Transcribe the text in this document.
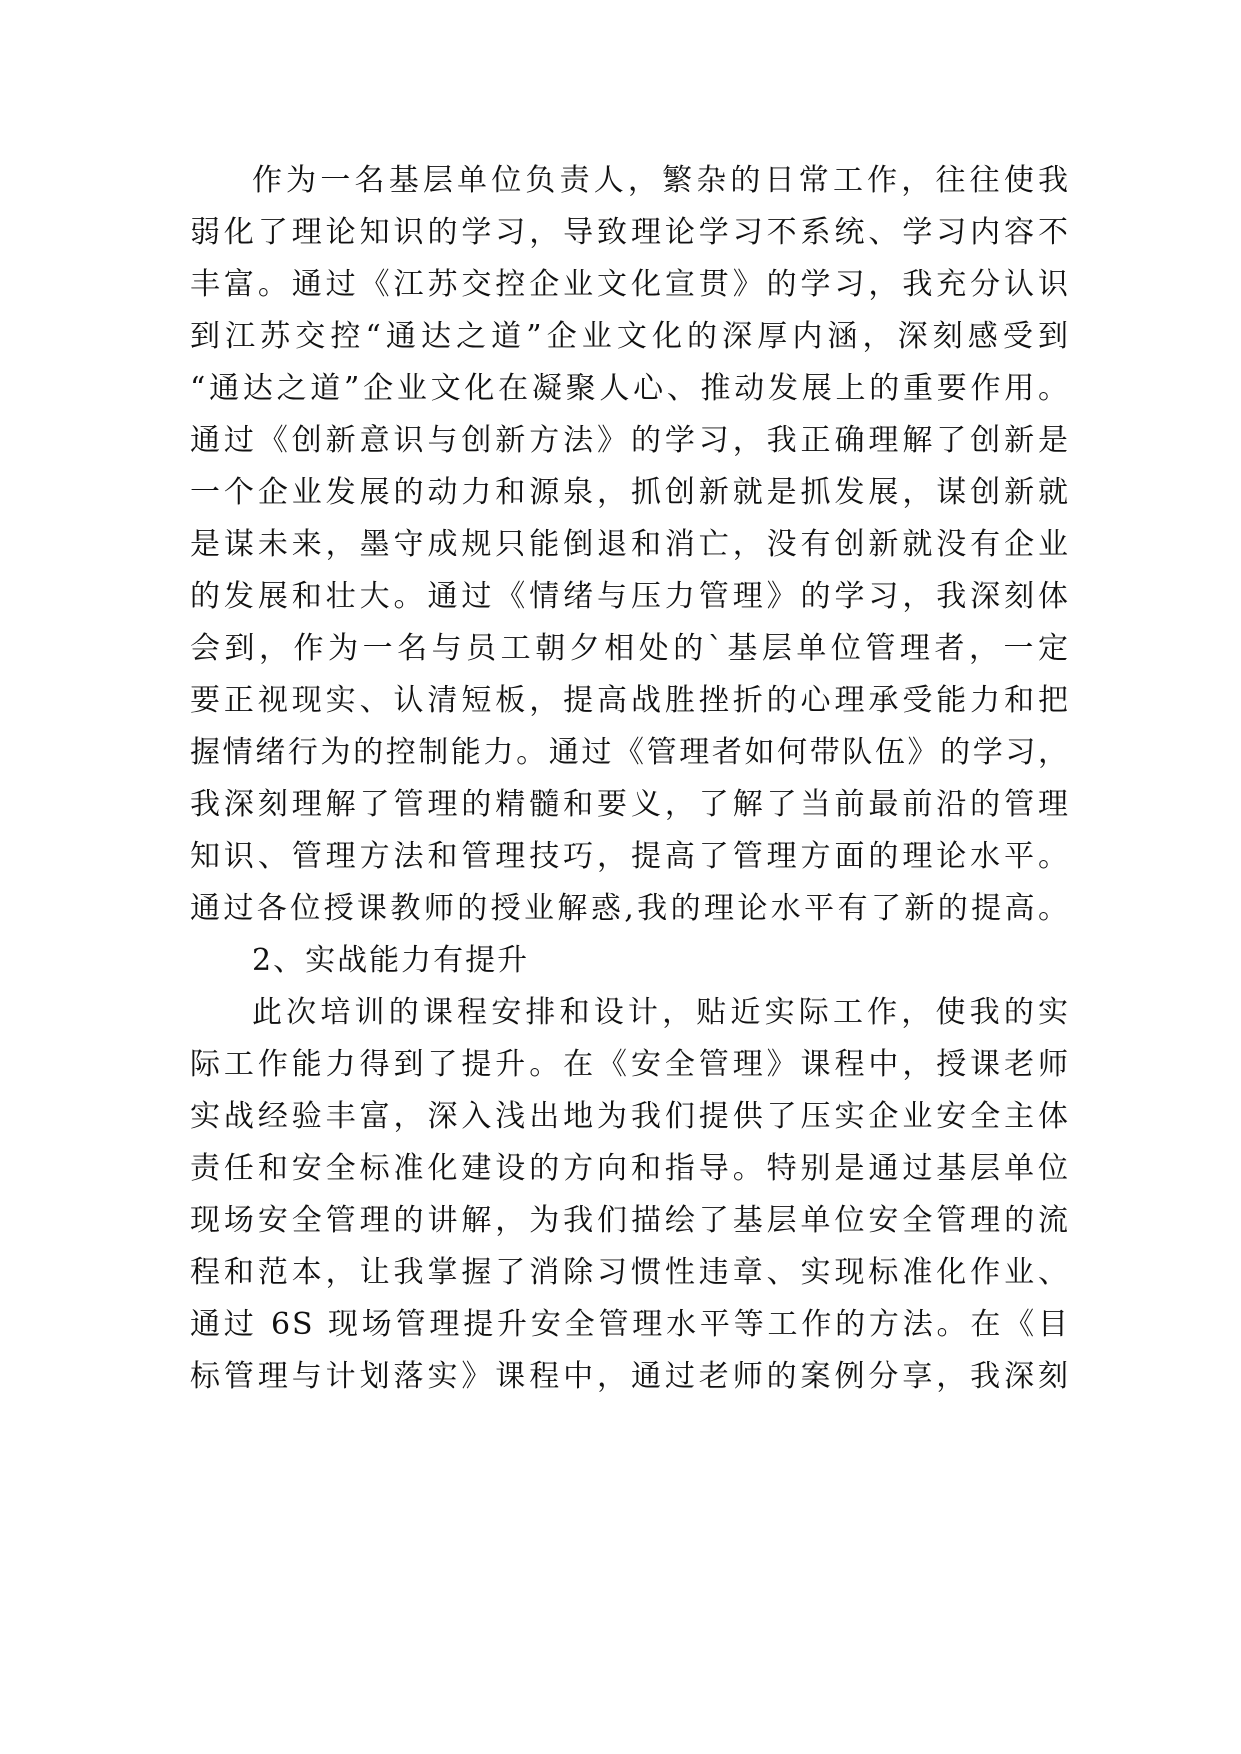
作为一名基层单位负责人，繁杂的日常工作，往往使我
弱化了理论知识的学习，导致理论学习不系统、学习内容不
丰富。通过《江苏交控企业文化宣贯》的学习，我充分认识
到江苏交控“通达之道”企业文化的深厚内涵，深刻感受到
“通达之道”企业文化在凝聚人心、推动发展上的重要作用。
通过《创新意识与创新方法》的学习，我正确理解了创新是
一个企业发展的动力和源泉，抓创新就是抓发展，谋创新就
是谋未来，墨守成规只能倒退和消亡，没有创新就没有企业
的发展和壮大。通过《情绪与压力管理》的学习，我深刻体
会到，作为一名与员工朝夕相处的`基层单位管理者，一定
要正视现实、认清短板，提高战胜挫折的心理承受能力和把
握情绪行为的控制能力。通过《管理者如何带队伍》的学习，
我深刻理解了管理的精髓和要义，了解了当前最前沿的管理
知识、管理方法和管理技巧，提高了管理方面的理论水平。
通过各位授课教师的授业解惑,我的理论水平有了新的提高。
2、实战能力有提升
此次培训的课程安排和设计，贴近实际工作，使我的实
际工作能力得到了提升。在《安全管理》课程中，授课老师
实战经验丰富，深入浅出地为我们提供了压实企业安全主体
责任和安全标准化建设的方向和指导。特别是通过基层单位
现场安全管理的讲解，为我们描绘了基层单位安全管理的流
程和范本，让我掌握了消除习惯性违章、实现标准化作业、
通过 6S 现场管理提升安全管理水平等工作的方法。在《目
标管理与计划落实》课程中，通过老师的案例分享，我深刻
